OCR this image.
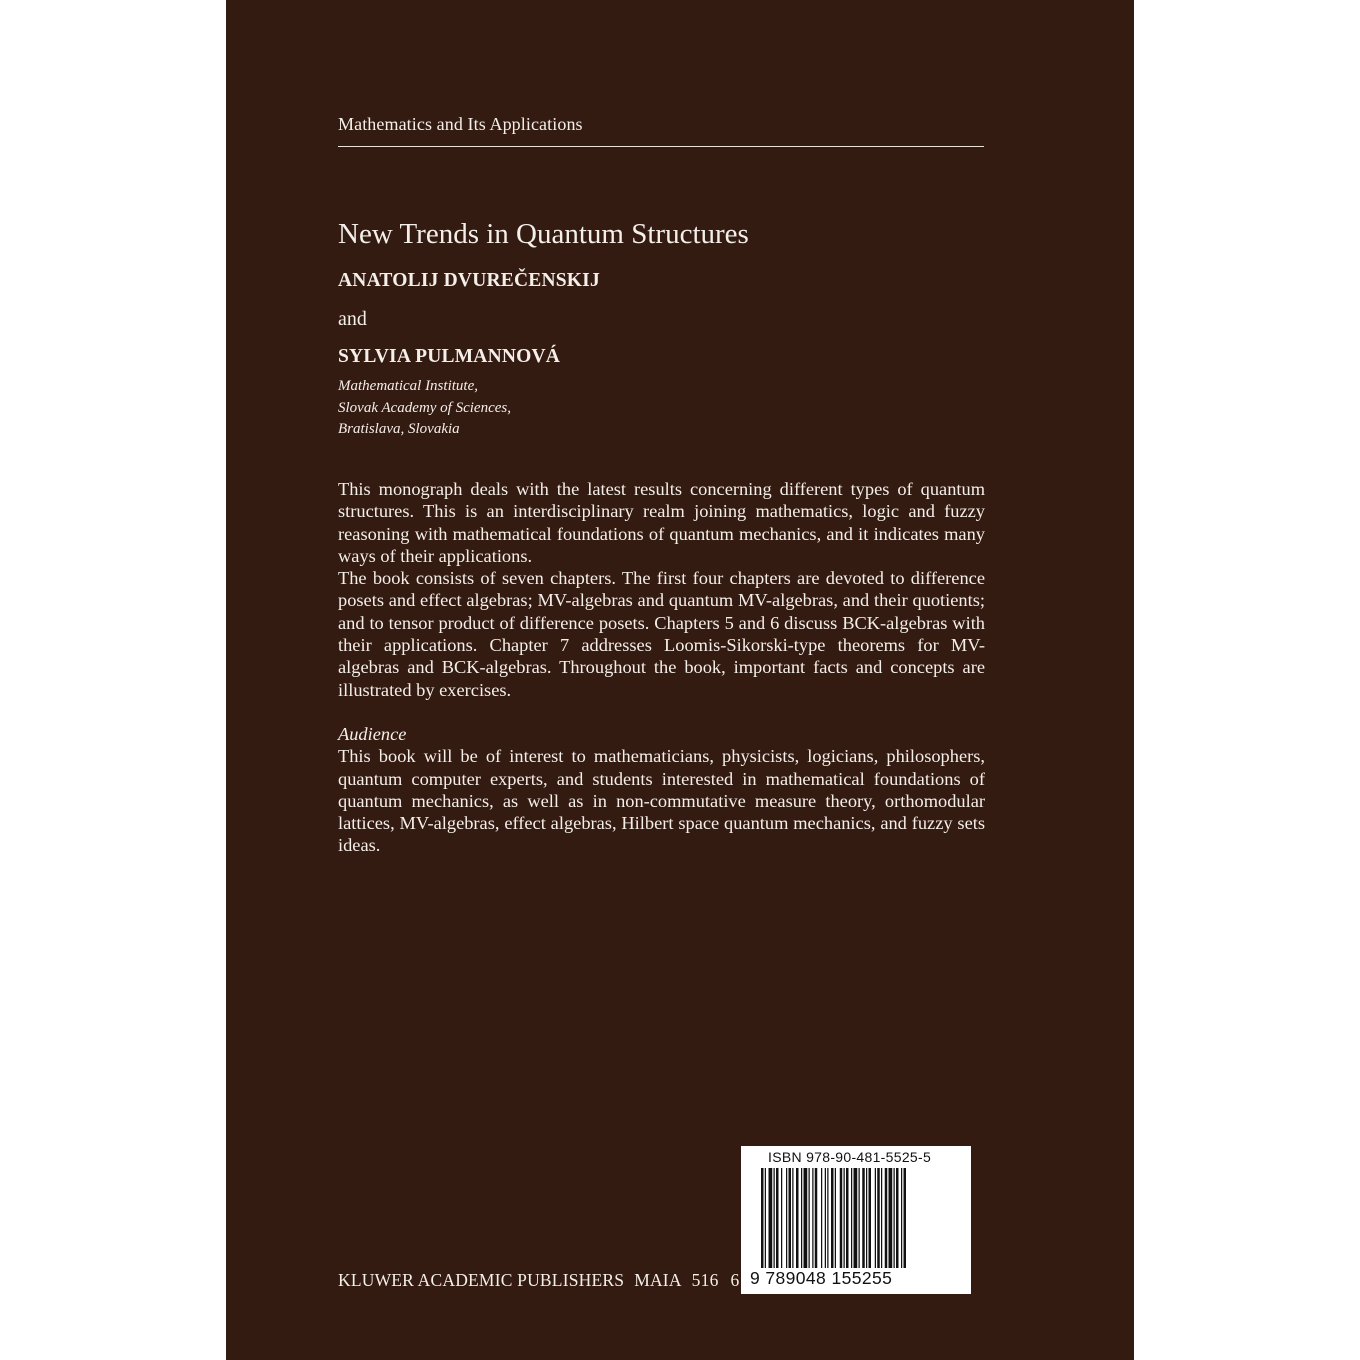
Mathematics and Its Applications
New Trends in Quantum Structures
ANATOLIJ DVUREČENSKIJ
and
SYLVIA PULMANNOVÁ
Mathematical Institute,
Slovak Academy of Sciences,
Bratislava, Slovakia

This monograph deals with the latest results concerning different types of quantum structures. This is an interdisciplinary realm joining mathematics, logic and fuzzy reasoning with mathematical foundations of quantum mechanics, and it indicates many ways of their applications.

The book consists of seven chapters. The first four chapters are devoted to difference posets and effect algebras; MV-algebras and quantum MV-algebras, and their quotients; and to tensor product of difference posets. Chapters 5 and 6 discuss BCK-algebras with their applications. Chapter 7 addresses Loomis-Sikorski-type theorems for MV-algebras and BCK-algebras. Throughout the book, important facts and concepts are illustrated by exercises.

Audience

This book will be of interest to mathematicians, physicists, logicians, philosophers, quantum computer experts, and students interested in mathematical foundations of quantum mechanics, as well as in non-commutative measure theory, orthomodular lattices, MV-algebras, effect algebras, Hilbert space quantum mechanics, and fuzzy sets ideas.

ISBN 978-90-481-5525-5
9 789048 155255
KLUWER ACADEMIC PUBLISHERS MAIA 516 6
